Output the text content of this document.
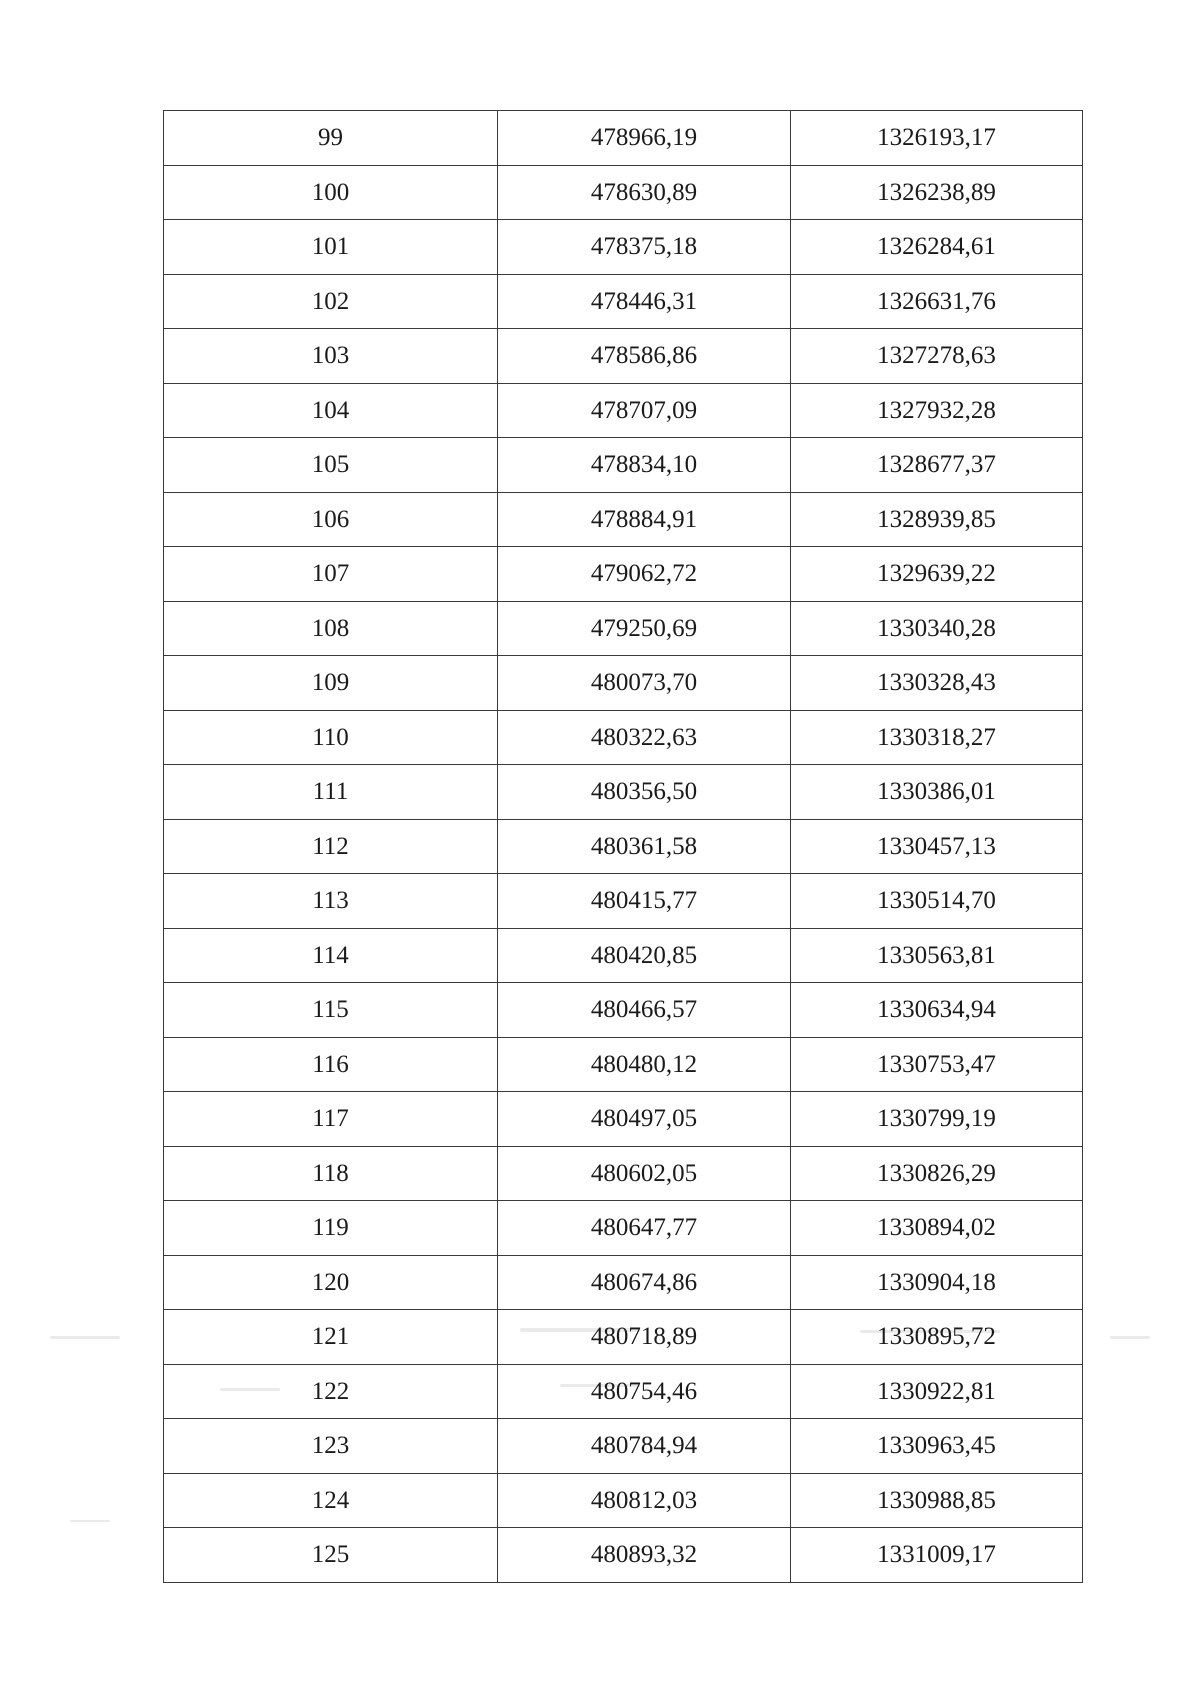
99	478966,19	1326193,17
100	478630,89	1326238,89
101	478375,18	1326284,61
102	478446,31	1326631,76
103	478586,86	1327278,63
104	478707,09	1327932,28
105	478834,10	1328677,37
106	478884,91	1328939,85
107	479062,72	1329639,22
108	479250,69	1330340,28
109	480073,70	1330328,43
110	480322,63	1330318,27
111	480356,50	1330386,01
112	480361,58	1330457,13
113	480415,77	1330514,70
114	480420,85	1330563,81
115	480466,57	1330634,94
116	480480,12	1330753,47
117	480497,05	1330799,19
118	480602,05	1330826,29
119	480647,77	1330894,02
120	480674,86	1330904,18
121	480718,89	1330895,72
122	480754,46	1330922,81
123	480784,94	1330963,45
124	480812,03	1330988,85
125	480893,32	1331009,17
